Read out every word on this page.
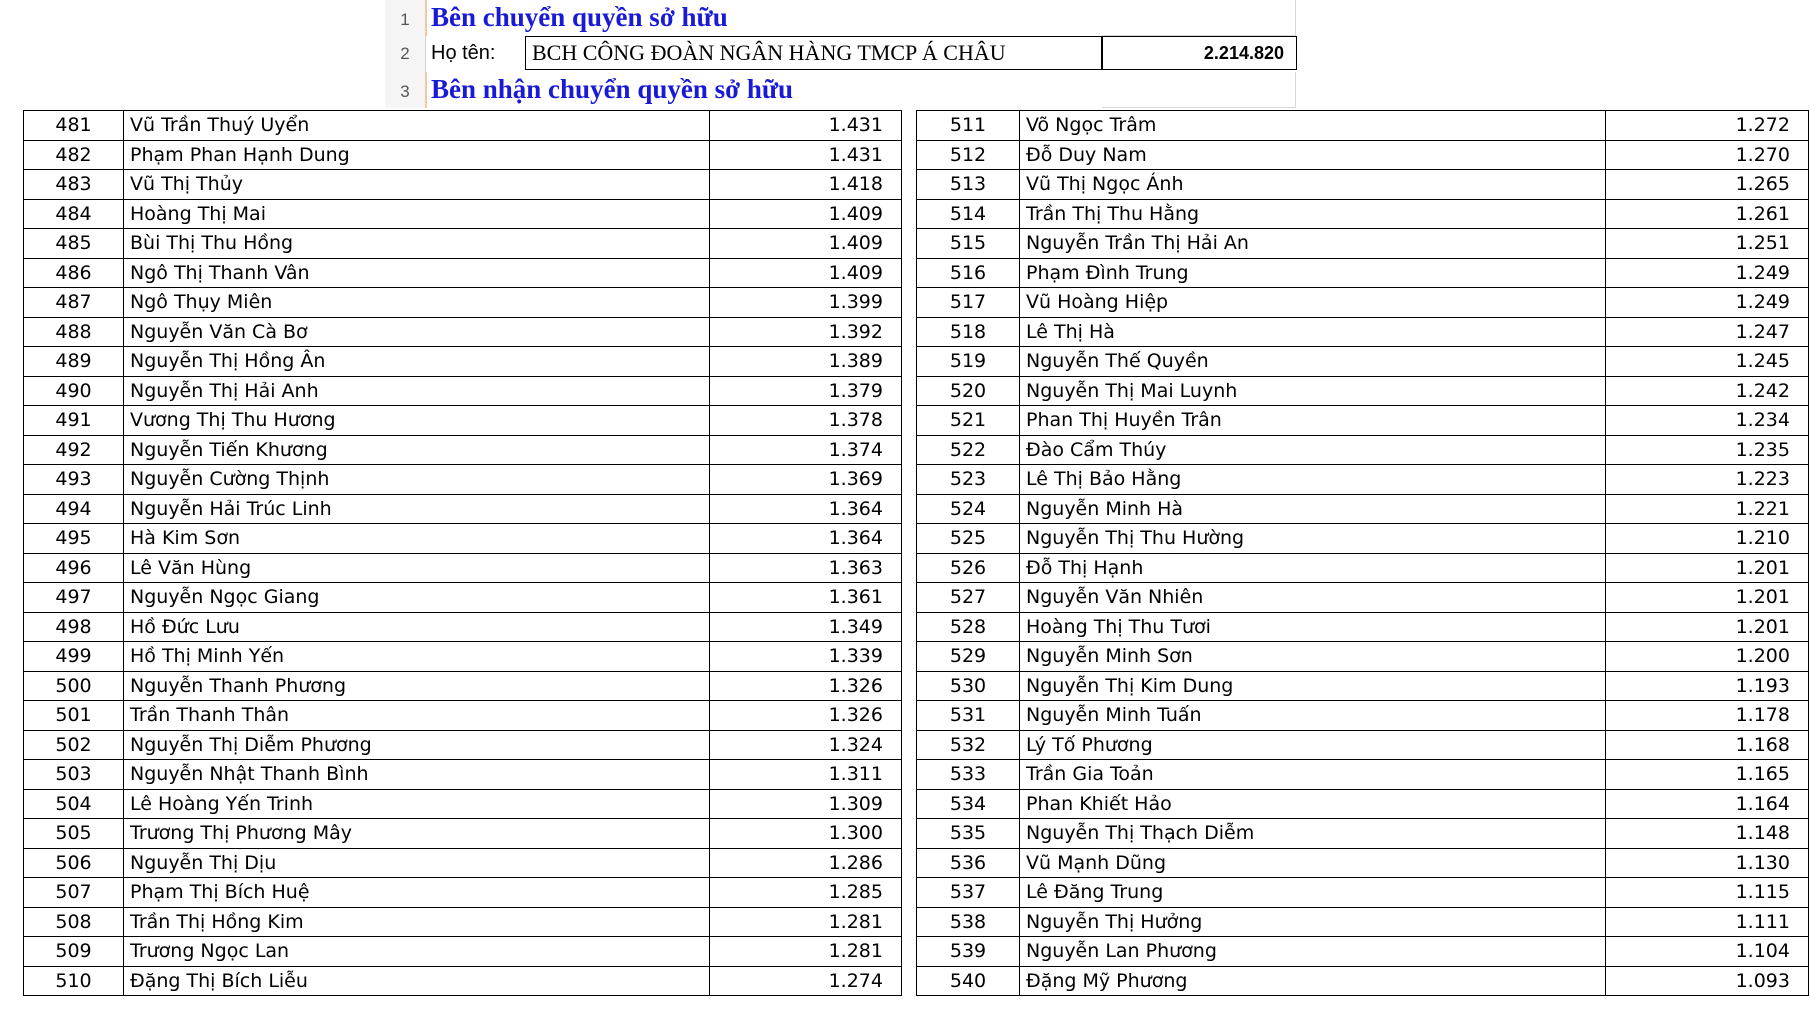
1 Bên chuyển quyền sở hữu
2	Họ tên:	BCH CÔNG ĐOÀN NGÂN HÀNG TMCP Á CHÂU	2.214.820
3 Bên nhận chuyển quyền sở hữu
481	Vũ Trần Thuý Uyển	1.431
482	Phạm Phan Hạnh Dung	1.431
483	Vũ Thị Thủy	1.418
484	Hoàng Thị Mai	1.409
485	Bùi Thị Thu Hồng	1.409
486	Ngô Thị Thanh Vân	1.409
487	Ngô Thụy Miên	1.399
488	Nguyễn Văn Cà Bơ	1.392
489	Nguyễn Thị Hồng Ân	1.389
490	Nguyễn Thị Hải Anh	1.379
491	Vương Thị Thu Hương	1.378
492	Nguyễn Tiến Khương	1.374
493	Nguyễn Cường Thịnh	1.369
494	Nguyễn Hải Trúc Linh	1.364
495	Hà Kim Sơn	1.364
496	Lê Văn Hùng	1.363
497	Nguyễn Ngọc Giang	1.361
498	Hồ Đức Lưu	1.349
499	Hồ Thị Minh Yến	1.339
500	Nguyễn Thanh Phương	1.326
501	Trần Thanh Thân	1.326
502	Nguyễn Thị Diễm Phương	1.324
503	Nguyễn Nhật Thanh Bình	1.311
504	Lê Hoàng Yến Trinh	1.309
505	Trương Thị Phương Mây	1.300
506	Nguyễn Thị Dịu	1.286
507	Phạm Thị Bích Huệ	1.285
508	Trần Thị Hồng Kim	1.281
509	Trương Ngọc Lan	1.281
510	Đặng Thị Bích Liễu	1.274
511	Võ Ngọc Trâm	1.272
512	Đỗ Duy Nam	1.270
513	Vũ Thị Ngọc Ánh	1.265
514	Trần Thị Thu Hằng	1.261
515	Nguyễn Trần Thị Hải An	1.251
516	Phạm Đình Trung	1.249
517	Vũ Hoàng Hiệp	1.249
518	Lê Thị Hà	1.247
519	Nguyễn Thế Quyền	1.245
520	Nguyễn Thị Mai Luynh	1.242
521	Phan Thị Huyền Trân	1.234
522	Đào Cẩm Thúy	1.235
523	Lê Thị Bảo Hằng	1.223
524	Nguyễn Minh Hà	1.221
525	Nguyễn Thị Thu Hường	1.210
526	Đỗ Thị Hạnh	1.201
527	Nguyễn Văn Nhiên	1.201
528	Hoàng Thị Thu Tươi	1.201
529	Nguyễn Minh Sơn	1.200
530	Nguyễn Thị Kim Dung	1.193
531	Nguyễn Minh Tuấn	1.178
532	Lý Tố Phương	1.168
533	Trần Gia Toản	1.165
534	Phan Khiết Hảo	1.164
535	Nguyễn Thị Thạch Diễm	1.148
536	Vũ Mạnh Dũng	1.130
537	Lê Đăng Trung	1.115
538	Nguyễn Thị Hưởng	1.111
539	Nguyễn Lan Phương	1.104
540	Đặng Mỹ Phương	1.093
